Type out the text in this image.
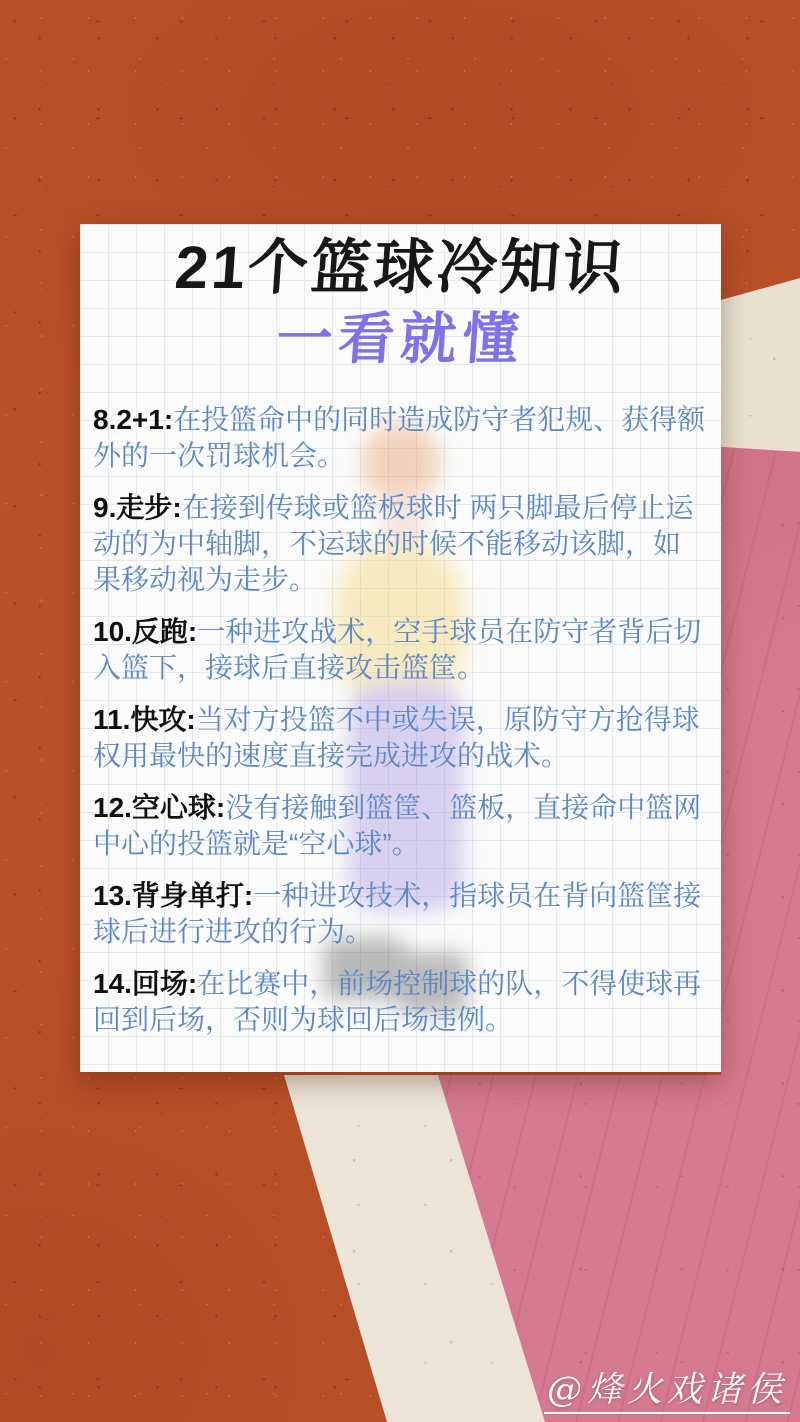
21个篮球冷知识
一看就懂
8.2+1:在投篮命中的同时造成防守者犯规、获得额外的一次罚球机会。
9.走步:在接到传球或篮板球时 两只脚最后停止运动的为中轴脚，不运球的时候不能移动该脚，如果移动视为走步。
10.反跑:一种进攻战术，空手球员在防守者背后切入篮下，接球后直接攻击篮筐。
11.快攻:当对方投篮不中或失误，原防守方抢得球权用最快的速度直接完成进攻的战术。
12.空心球:没有接触到篮筐、篮板，直接命中篮网中心的投篮就是“空心球”。
13.背身单打:一种进攻技术，指球员在背向篮筐接球后进行进攻的行为。
14.回场:在比赛中，前场控制球的队，不得使球再回到后场，否则为球回后场违例。
@烽火戏诸侯
